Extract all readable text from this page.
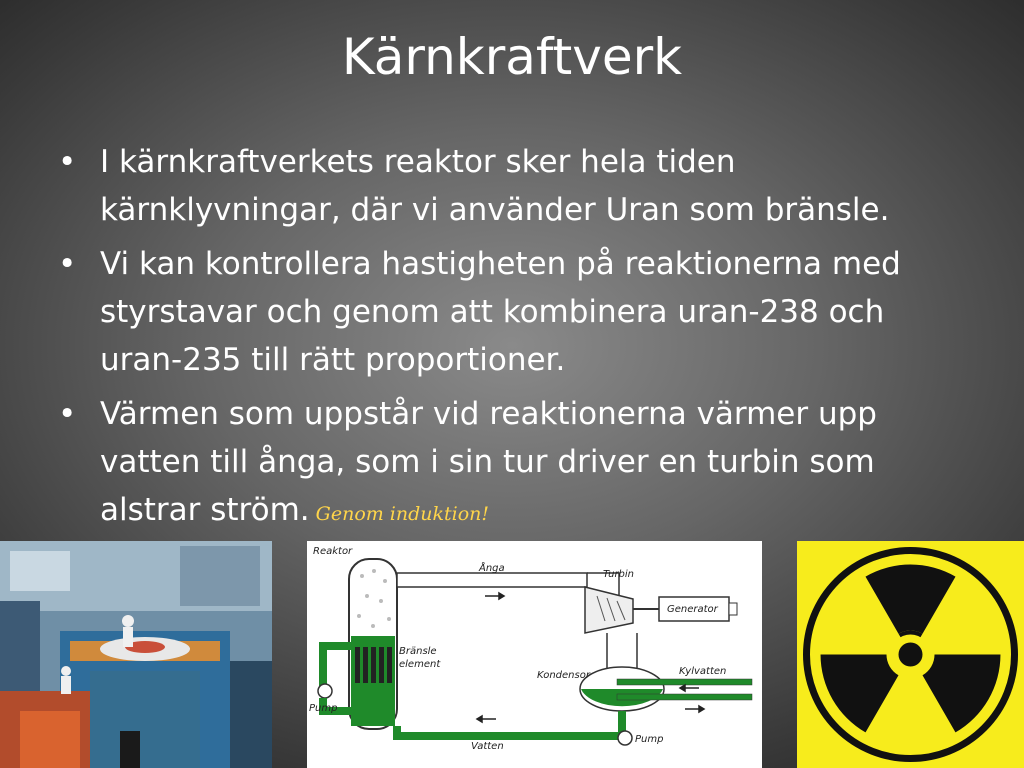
Kärnkraftverk
• I kärnkraftverkets reaktor sker hela tiden kärnklyvningar, där vi använder Uran som bränsle.
• Vi kan kontrollera hastigheten på reaktionerna med styrstavar och genom att kombinera uran-238 och uran-235 till rätt proportioner.
• Värmen som uppstår vid reaktionerna värmer upp vatten till ånga, som i sin tur driver en turbin som alstrar ström. Genom induktion!
Reaktor
Ånga
Turbin
Generator
Bränsle
element
Kondensor	Kylvatten
Pump
Pump
Vatten
